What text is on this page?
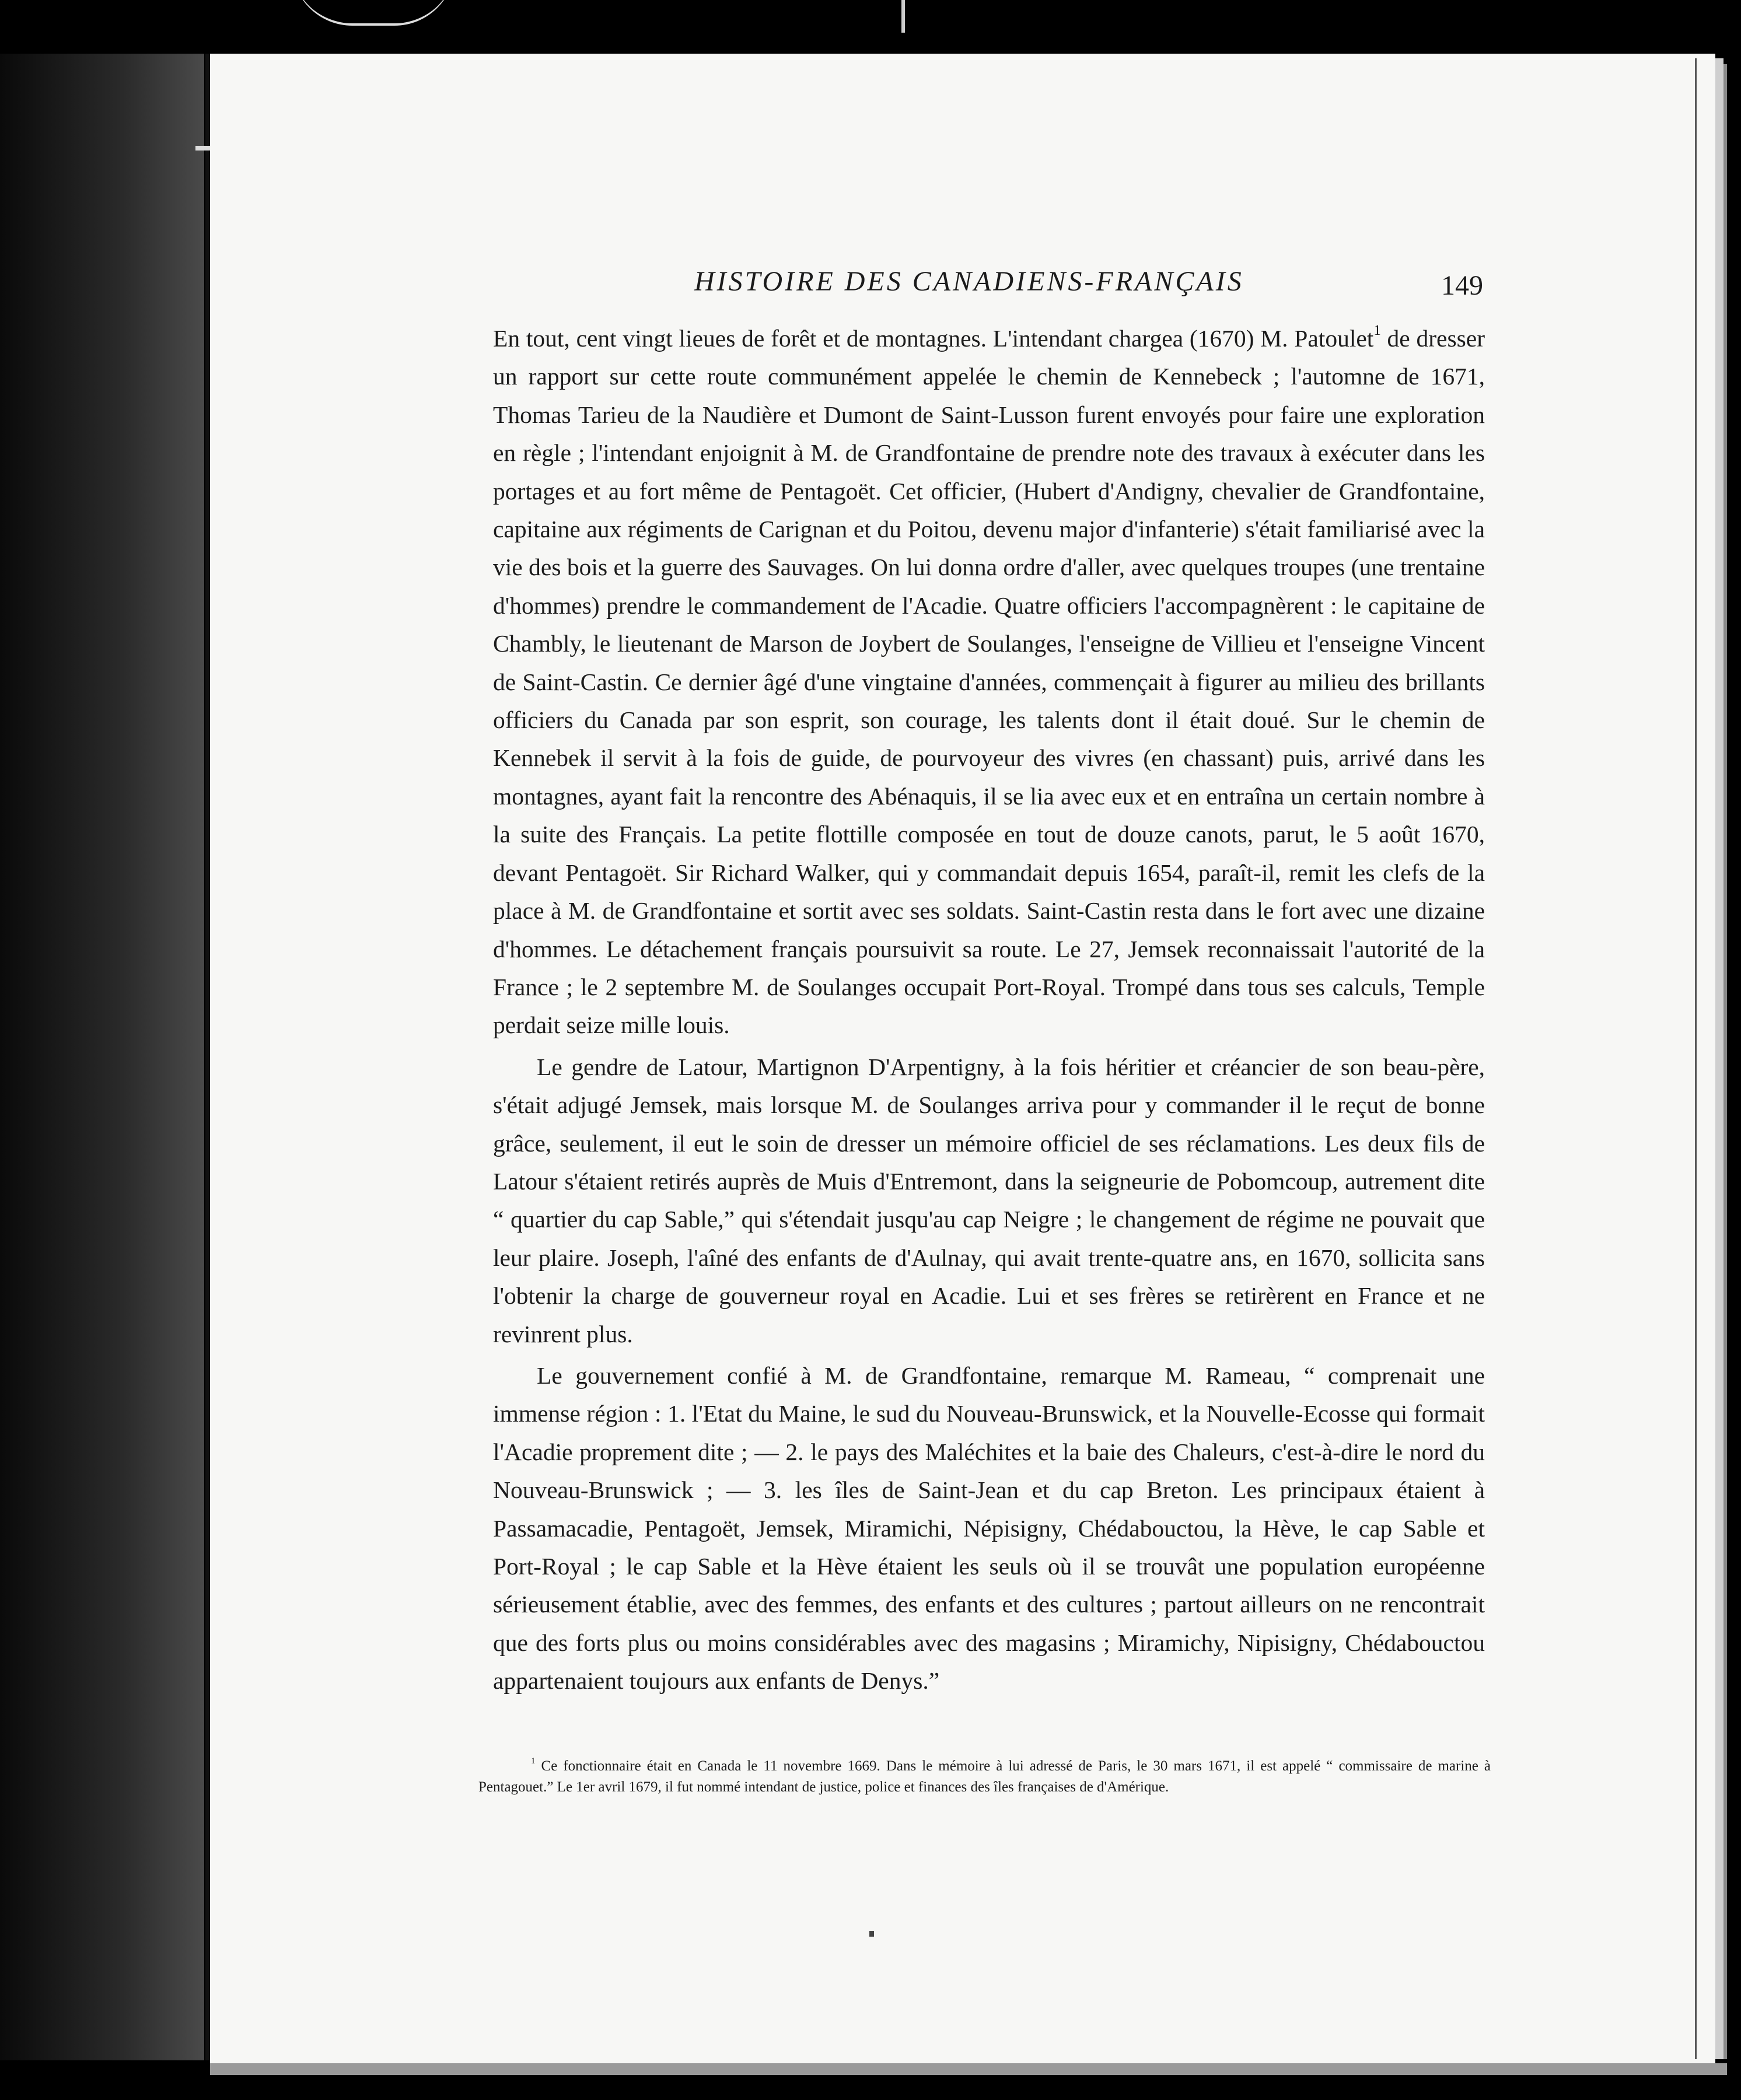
HISTOIRE DES CANADIENS-FRANÇAIS	149

En tout, cent vingt lieues de forêt et de montagnes. L'intendant chargea (1670) M. Patoulet$^1$ de dresser un rapport sur cette route communément appelée le chemin de Kennebeck ; l'automne de 1671, Thomas Tarieu de la Naudière et Dumont de Saint-Lusson furent envoyés pour faire une exploration en règle ; l'intendant enjoignit à M. de Grandfontaine de prendre note des travaux à exécuter dans les portages et au fort même de Pentagoët. Cet officier, (Hubert d'Andigny, chevalier de Grandfontaine, capitaine aux régiments de Carignan et du Poitou, devenu major d'infanterie) s'était familiarisé avec la vie des bois et la guerre des Sauvages. On lui donna ordre d'aller, avec quelques troupes (une trentaine d'hommes) prendre le commandement de l'Acadie. Quatre officiers l'accompagnèrent : le capitaine de Chambly, le lieutenant de Marson de Joybert de Soulanges, l'enseigne de Villieu et l'enseigne Vincent de Saint-Castin. Ce dernier âgé d'une vingtaine d'années, commençait à figurer au milieu des brillants officiers du Canada par son esprit, son courage, les talents dont il était doué. Sur le chemin de Kennebek il servit à la fois de guide, de pourvoyeur des vivres (en chassant) puis, arrivé dans les montagnes, ayant fait la rencontre des Abénaquis, il se lia avec eux et en entraîna un certain nombre à la suite des Français. La petite flottille composée en tout de douze canots, parut, le 5 août 1670, devant Pentagoët. Sir Richard Walker, qui y commandait depuis 1654, paraît-il, remit les clefs de la place à M. de Grandfontaine et sortit avec ses soldats. Saint-Castin resta dans le fort avec une dizaine d'hommes. Le détachement français poursuivit sa route. Le 27, Jemsek reconnaissait l'autorité de la France ; le 2 septembre M. de Soulanges occupait Port-Royal. Trompé dans tous ses calculs, Temple perdait seize mille louis.

Le gendre de Latour, Martignon D'Arpentigny, à la fois héritier et créancier de son beau-père, s'était adjugé Jemsek, mais lorsque M. de Soulanges arriva pour y commander il le reçut de bonne grâce, seulement, il eut le soin de dresser un mémoire officiel de ses réclamations. Les deux fils de Latour s'étaient retirés auprès de Muis d'Entremont, dans la seigneurie de Pobomcoup, autrement dite “ quartier du cap Sable,” qui s'étendait jusqu'au cap Neigre ; le changement de régime ne pouvait que leur plaire. Joseph, l'aîné des enfants de d'Aulnay, qui avait trente-quatre ans, en 1670, sollicita sans l'obtenir la charge de gouverneur royal en Acadie. Lui et ses frères se retirèrent en France et ne revinrent plus.

Le gouvernement confié à M. de Grandfontaine, remarque M. Rameau, “ comprenait une immense région : 1. l'Etat du Maine, le sud du Nouveau-Brunswick, et la Nouvelle-Ecosse qui formait l'Acadie proprement dite ; — 2. le pays des Maléchites et la baie des Chaleurs, c'est-à-dire le nord du Nouveau-Brunswick ; — 3. les îles de Saint-Jean et du cap Breton. Les principaux étaient à Passamacadie, Pentagoët, Jemsek, Miramichi, Népisigny, Chédabouctou, la Hève, le cap Sable et Port-Royal ; le cap Sable et la Hève étaient les seuls où il se trouvât une population européenne sérieusement établie, avec des femmes, des enfants et des cultures ; partout ailleurs on ne rencontrait que des forts plus ou moins considérables avec des magasins ; Miramichy, Nipisigny, Chédabouctou appartenaient toujours aux enfants de Denys.”

$^1$ Ce fonctionnaire était en Canada le 11 novembre 1669. Dans le mémoire à lui adressé de Paris, le 30 mars 1671, il est appelé “ commissaire de marine à Pentagouet.” Le 1er avril 1679, il fut nommé intendant de justice, police et finances des îles françaises de d'Amérique.
